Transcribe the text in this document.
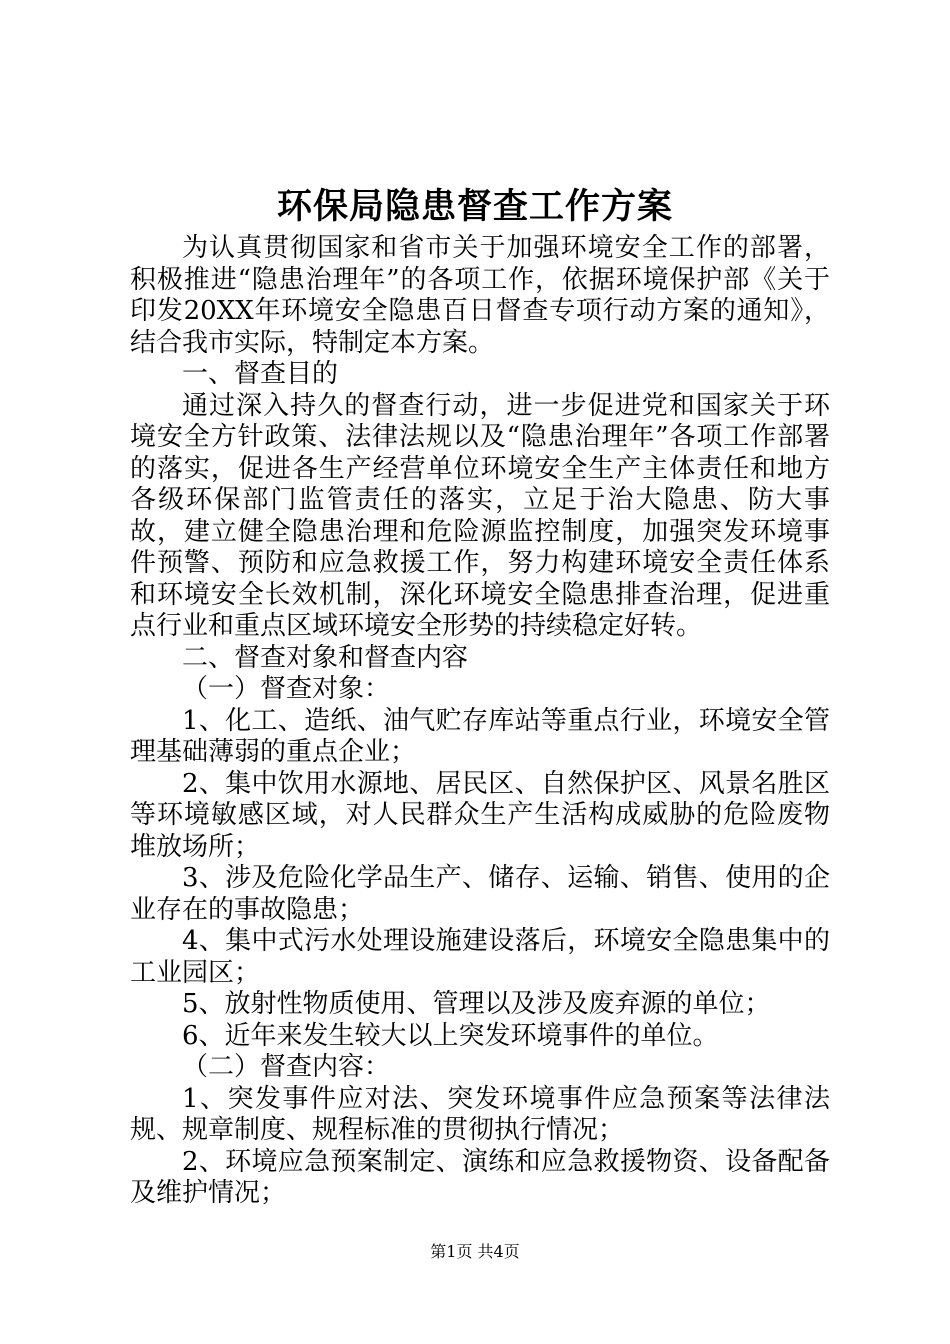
环保局隐患督查工作方案

为认真贯彻国家和省市关于加强环境安全工作的部署，积极推进“隐患治理年”的各项工作，依据环境保护部《关于印发20XX年环境安全隐患百日督查专项行动方案的通知》，结合我市实际，特制定本方案。

一、督查目的

通过深入持久的督查行动，进一步促进党和国家关于环境安全方针政策、法律法规以及“隐患治理年”各项工作部署的落实，促进各生产经营单位环境安全生产主体责任和地方各级环保部门监管责任的落实，立足于治大隐患、防大事故，建立健全隐患治理和危险源监控制度，加强突发环境事件预警、预防和应急救援工作，努力构建环境安全责任体系和环境安全长效机制，深化环境安全隐患排查治理，促进重点行业和重点区域环境安全形势的持续稳定好转。

二、督查对象和督查内容

（一）督查对象：

1、化工、造纸、油气贮存库站等重点行业，环境安全管理基础薄弱的重点企业；

2、集中饮用水源地、居民区、自然保护区、风景名胜区等环境敏感区域，对人民群众生产生活构成威胁的危险废物堆放场所；

3、涉及危险化学品生产、储存、运输、销售、使用的企业存在的事故隐患；

4、集中式污水处理设施建设落后，环境安全隐患集中的工业园区；

5、放射性物质使用、管理以及涉及废弃源的单位；

6、近年来发生较大以上突发环境事件的单位。

（二）督查内容：

1、突发事件应对法、突发环境事件应急预案等法律法规、规章制度、规程标准的贯彻执行情况；

2、环境应急预案制定、演练和应急救援物资、设备配备及维护情况；

第1页 共4页
